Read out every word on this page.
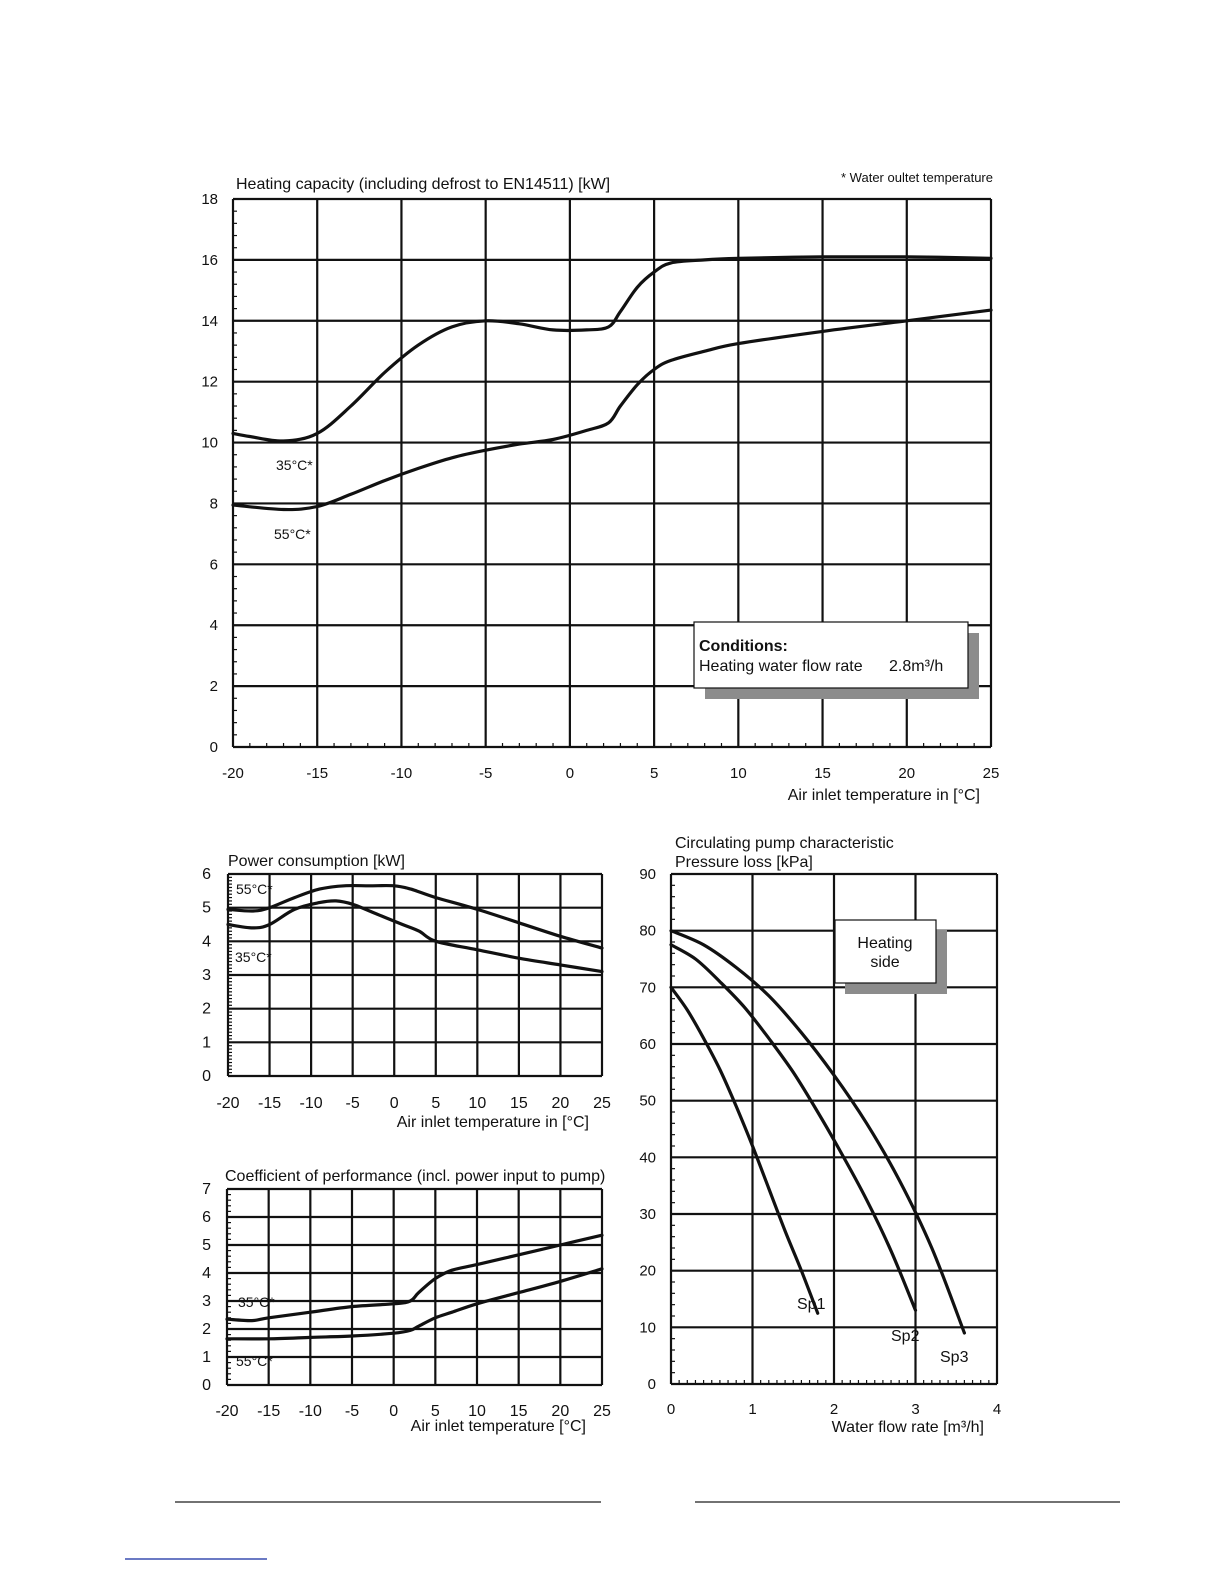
Heating capacity (including defrost to EN14511) [kW]	* Water oultet temperature
-20	-15	-10	-5	0	5	10	15	20	25
0
2
4
6
8
10
12
14
16
18
35°C*
55°C*
Air inlet temperature in [°C]
Conditions:
Heating water flow rate 2.8m³/h
Power consumption [kW]
-20 -15 -10 -5 0 5 10 15 20 25
0
1
2
3
4
5
6
55°C*
35°C*
Air inlet temperature in [°C]
Coefficient of performance (incl. power input to pump)
-20 -15 -10 -5 0 5 10 15 20 25
0
1
2
3
4
5
6
7
35°C*
55°C*
Air inlet temperature [°C]
Circulating pump characteristic
Pressure loss [kPa]
0	1	2	3	4
0
10
20
30
40
50
60
70
80
90
Sp1
Sp2
Sp3
Water flow rate [m³/h]
Heating
side
